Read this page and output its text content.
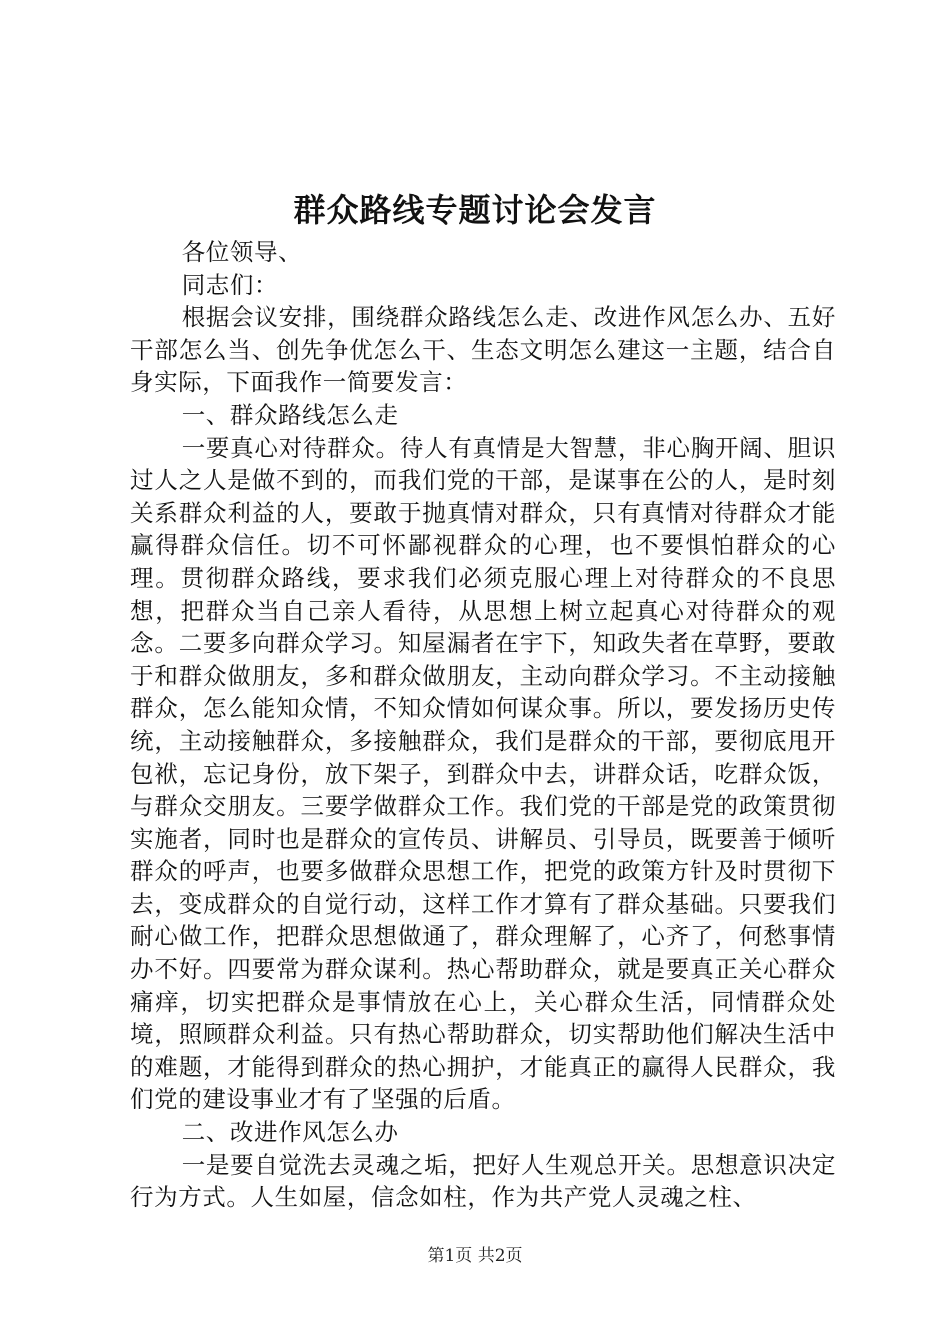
群众路线专题讨论会发言

各位领导、

同志们：

根据会议安排，围绕群众路线怎么走、改进作风怎么办、五好干部怎么当、创先争优怎么干、生态文明怎么建这一主题，结合自身实际，下面我作一简要发言：

一、群众路线怎么走

一要真心对待群众。待人有真情是大智慧，非心胸开阔、胆识过人之人是做不到的，而我们党的干部，是谋事在公的人，是时刻关系群众利益的人，要敢于抛真情对群众，只有真情对待群众才能赢得群众信任。切不可怀鄙视群众的心理，也不要惧怕群众的心理。贯彻群众路线，要求我们必须克服心理上对待群众的不良思想，把群众当自己亲人看待，从思想上树立起真心对待群众的观念。二要多向群众学习。知屋漏者在宇下，知政失者在草野，要敢于和群众做朋友，多和群众做朋友，主动向群众学习。不主动接触群众，怎么能知众情，不知众情如何谋众事。所以，要发扬历史传统，主动接触群众，多接触群众，我们是群众的干部，要彻底甩开包袱，忘记身份，放下架子，到群众中去，讲群众话，吃群众饭，与群众交朋友。三要学做群众工作。我们党的干部是党的政策贯彻实施者，同时也是群众的宣传员、讲解员、引导员，既要善于倾听群众的呼声，也要多做群众思想工作，把党的政策方针及时贯彻下去，变成群众的自觉行动，这样工作才算有了群众基础。只要我们耐心做工作，把群众思想做通了，群众理解了，心齐了，何愁事情办不好。四要常为群众谋利。热心帮助群众，就是要真正关心群众痛痒，切实把群众是事情放在心上，关心群众生活，同情群众处境，照顾群众利益。只有热心帮助群众，切实帮助他们解决生活中的难题，才能得到群众的热心拥护，才能真正的赢得人民群众，我们党的建设事业才有了坚强的后盾。

二、改进作风怎么办

一是要自觉洗去灵魂之垢，把好人生观总开关。思想意识决定行为方式。人生如屋，信念如柱，作为共产党人灵魂之柱、

第1页 共2页
